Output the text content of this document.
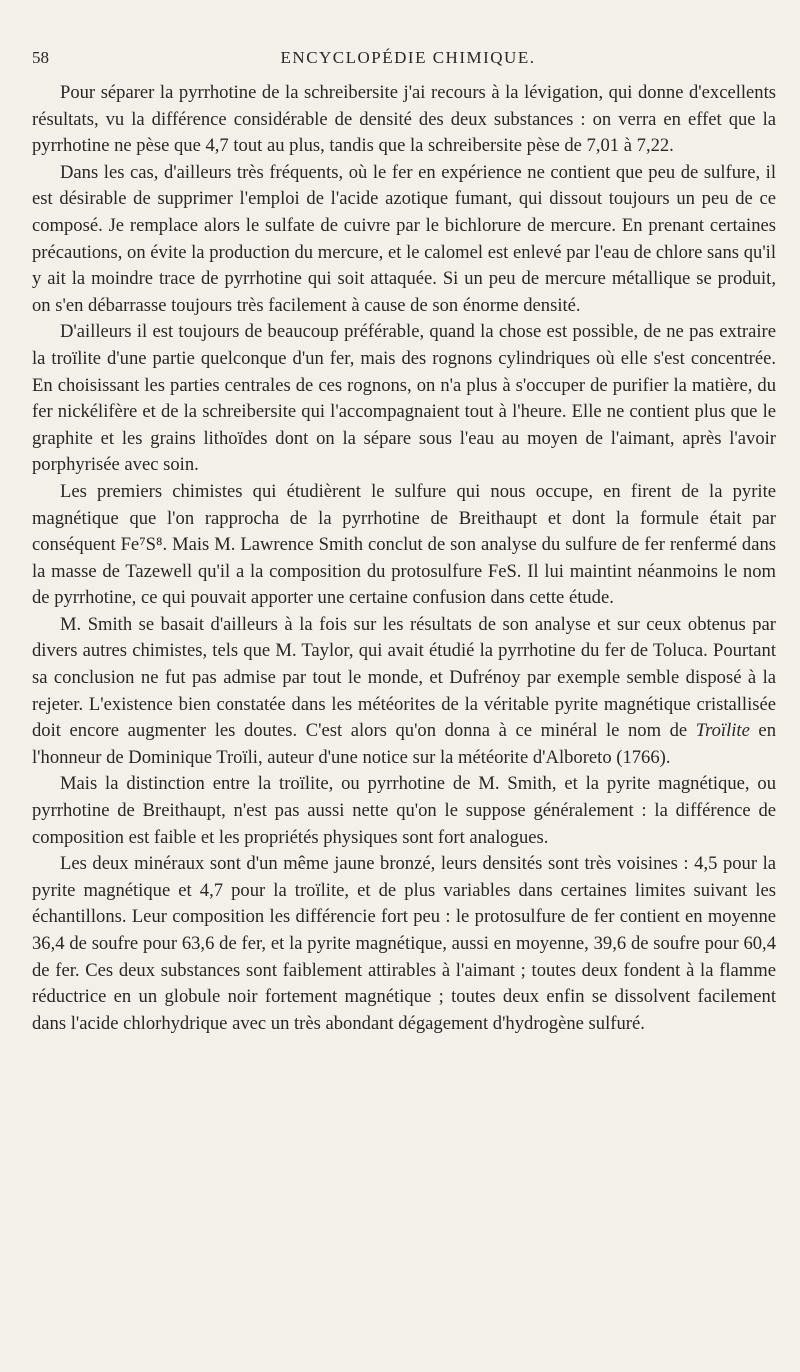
58	ENCYCLOPÉDIE CHIMIQUE.

Pour séparer la pyrrhotine de la schreibersite j'ai recours à la lévigation, qui donne d'excellents résultats, vu la différence considérable de densité des deux substances : on verra en effet que la pyrrhotine ne pèse que 4,7 tout au plus, tandis que la schreibersite pèse de 7,01 à 7,22.

Dans les cas, d'ailleurs très fréquents, où le fer en expérience ne contient que peu de sulfure, il est désirable de supprimer l'emploi de l'acide azotique fumant, qui dissout toujours un peu de ce composé. Je remplace alors le sulfate de cuivre par le bichlorure de mercure. En prenant certaines précautions, on évite la production du mercure, et le calomel est enlevé par l'eau de chlore sans qu'il y ait la moindre trace de pyrrhotine qui soit attaquée. Si un peu de mercure métallique se produit, on s'en débarrasse toujours très facilement à cause de son énorme densité.

D'ailleurs il est toujours de beaucoup préférable, quand la chose est possible, de ne pas extraire la troïlite d'une partie quelconque d'un fer, mais des rognons cylindriques où elle s'est concentrée. En choisissant les parties centrales de ces rognons, on n'a plus à s'occuper de purifier la matière, du fer nickélifère et de la schreibersite qui l'accompagnaient tout à l'heure. Elle ne contient plus que le graphite et les grains lithoïdes dont on la sépare sous l'eau au moyen de l'aimant, après l'avoir porphyrisée avec soin.

Les premiers chimistes qui étudièrent le sulfure qui nous occupe, en firent de la pyrite magnétique que l'on rapprocha de la pyrrhotine de Breithaupt et dont la formule était par conséquent Fe⁷S⁸. Mais M. Lawrence Smith conclut de son analyse du sulfure de fer renfermé dans la masse de Tazewell qu'il a la composition du protosulfure FeS. Il lui maintint néanmoins le nom de pyrrhotine, ce qui pouvait apporter une certaine confusion dans cette étude.

M. Smith se basait d'ailleurs à la fois sur les résultats de son analyse et sur ceux obtenus par divers autres chimistes, tels que M. Taylor, qui avait étudié la pyrrhotine du fer de Toluca. Pourtant sa conclusion ne fut pas admise par tout le monde, et Dufrénoy par exemple semble disposé à la rejeter. L'existence bien constatée dans les météorites de la véritable pyrite magnétique cristallisée doit encore augmenter les doutes. C'est alors qu'on donna à ce minéral le nom de Troïlite en l'honneur de Dominique Troïli, auteur d'une notice sur la météorite d'Alboreto (1766).

Mais la distinction entre la troïlite, ou pyrrhotine de M. Smith, et la pyrite magnétique, ou pyrrhotine de Breithaupt, n'est pas aussi nette qu'on le suppose généralement : la différence de composition est faible et les propriétés physiques sont fort analogues.

Les deux minéraux sont d'un même jaune bronzé, leurs densités sont très voisines : 4,5 pour la pyrite magnétique et 4,7 pour la troïlite, et de plus variables dans certaines limites suivant les échantillons. Leur composition les différencie fort peu : le protosulfure de fer contient en moyenne 36,4 de soufre pour 63,6 de fer, et la pyrite magnétique, aussi en moyenne, 39,6 de soufre pour 60,4 de fer. Ces deux substances sont faiblement attirables à l'aimant ; toutes deux fondent à la flamme réductrice en un globule noir fortement magnétique ; toutes deux enfin se dissolvent facilement dans l'acide chlorhydrique avec un très abondant dégagement d'hydrogène sulfuré.
